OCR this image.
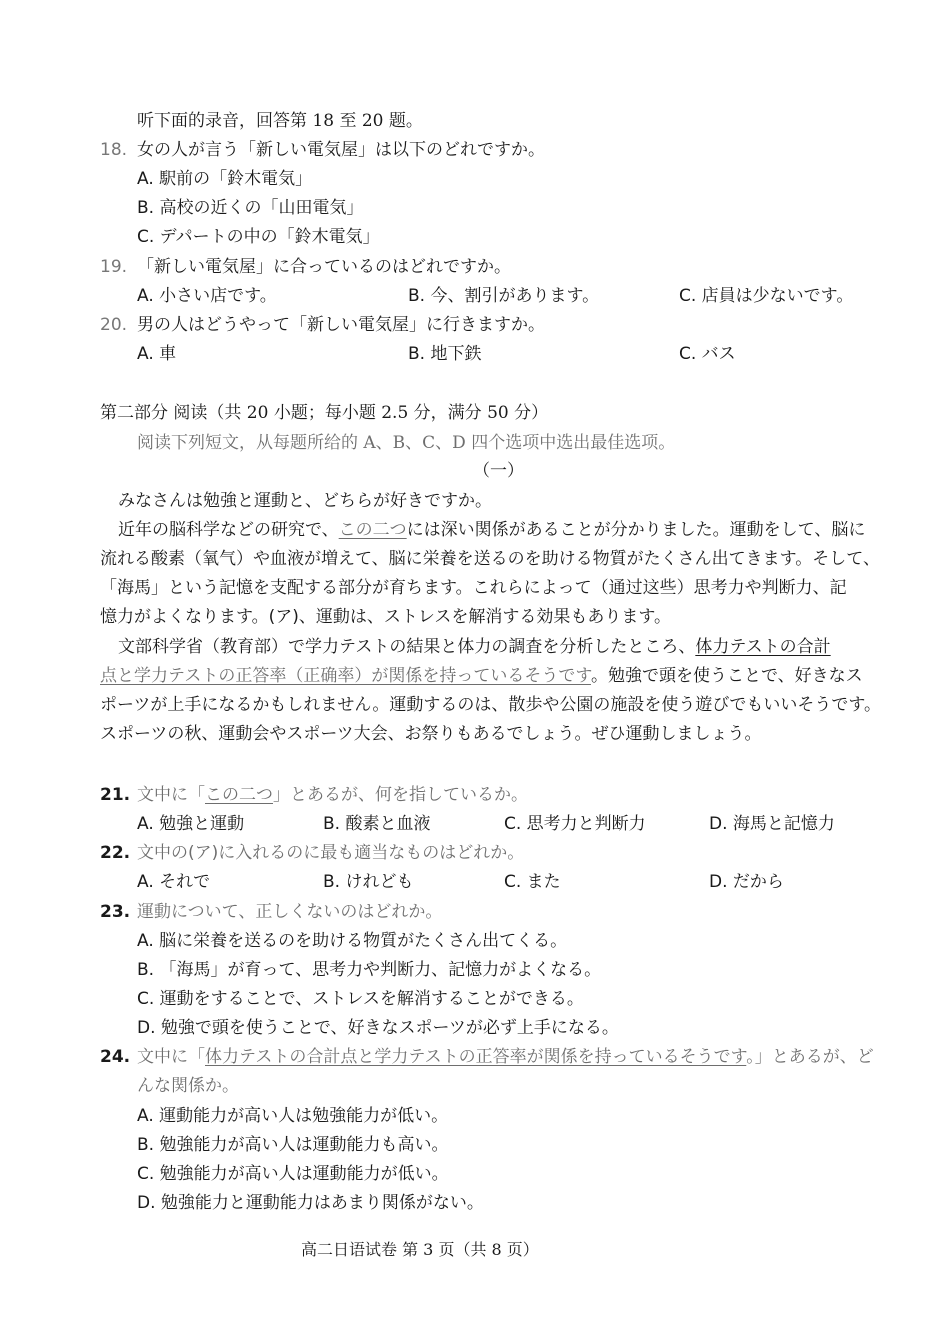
听下面的录音，回答第 18 至 20 题。
18. 女の人が言う「新しい電気屋」は以下のどれですか。
A. 駅前の「鈴木電気」
B. 高校の近くの「山田電気」
C. デパートの中の「鈴木電気」
19. 「新しい電気屋」に合っているのはどれですか。
A. 小さい店です。	B. 今、割引があります。	C. 店員は少ないです。
20. 男の人はどうやって「新しい電気屋」に行きますか。
A. 車	B. 地下鉄	C. バス
第二部分 阅读（共 20 小题；每小题 2.5 分，满分 50 分）
阅读下列短文，从每题所给的 A、B、C、D 四个选项中选出最佳选项。
（一）
みなさんは勉強と運動と、どちらが好きですか。
近年の脳科学などの研究で、この二つには深い関係があることが分かりました。運動をして、脳に
流れる酸素（氧气）や血液が増えて、脳に栄養を送るのを助ける物質がたくさん出てきます。そして、
「海馬」という記憶を支配する部分が育ちます。これらによって（通过这些）思考力や判断力、記
憶力がよくなります。(ア)、運動は、ストレスを解消する効果もあります。
文部科学省（教育部）で学力テストの結果と体力の調査を分析したところ、体力テストの合計
点と学力テストの正答率（正确率）が関係を持っているそうです。勉強で頭を使うことで、好きなス
ポーツが上手になるかもしれません。運動するのは、散歩や公園の施設を使う遊びでもいいそうです。
スポーツの秋、運動会やスポーツ大会、お祭りもあるでしょう。ぜひ運動しましょう。
21. 文中に「この二つ」とあるが、何を指しているか。
A. 勉強と運動	B. 酸素と血液	C. 思考力と判断力	D. 海馬と記憶力
22. 文中の(ア)に入れるのに最も適当なものはどれか。
A. それで	B. けれども	C. また	D. だから
23. 運動について、正しくないのはどれか。
A. 脳に栄養を送るのを助ける物質がたくさん出てくる。
B. 「海馬」が育って、思考力や判断力、記憶力がよくなる。
C. 運動をすることで、ストレスを解消することができる。
D. 勉強で頭を使うことで、好きなスポーツが必ず上手になる。
24. 文中に「体力テストの合計点と学力テストの正答率が関係を持っているそうです。」とあるが、ど
んな関係か。
A. 運動能力が高い人は勉強能力が低い。
B. 勉強能力が高い人は運動能力も高い。
C. 勉強能力が高い人は運動能力が低い。
D. 勉強能力と運動能力はあまり関係がない。
高二日语试卷 第 3 页（共 8 页）
